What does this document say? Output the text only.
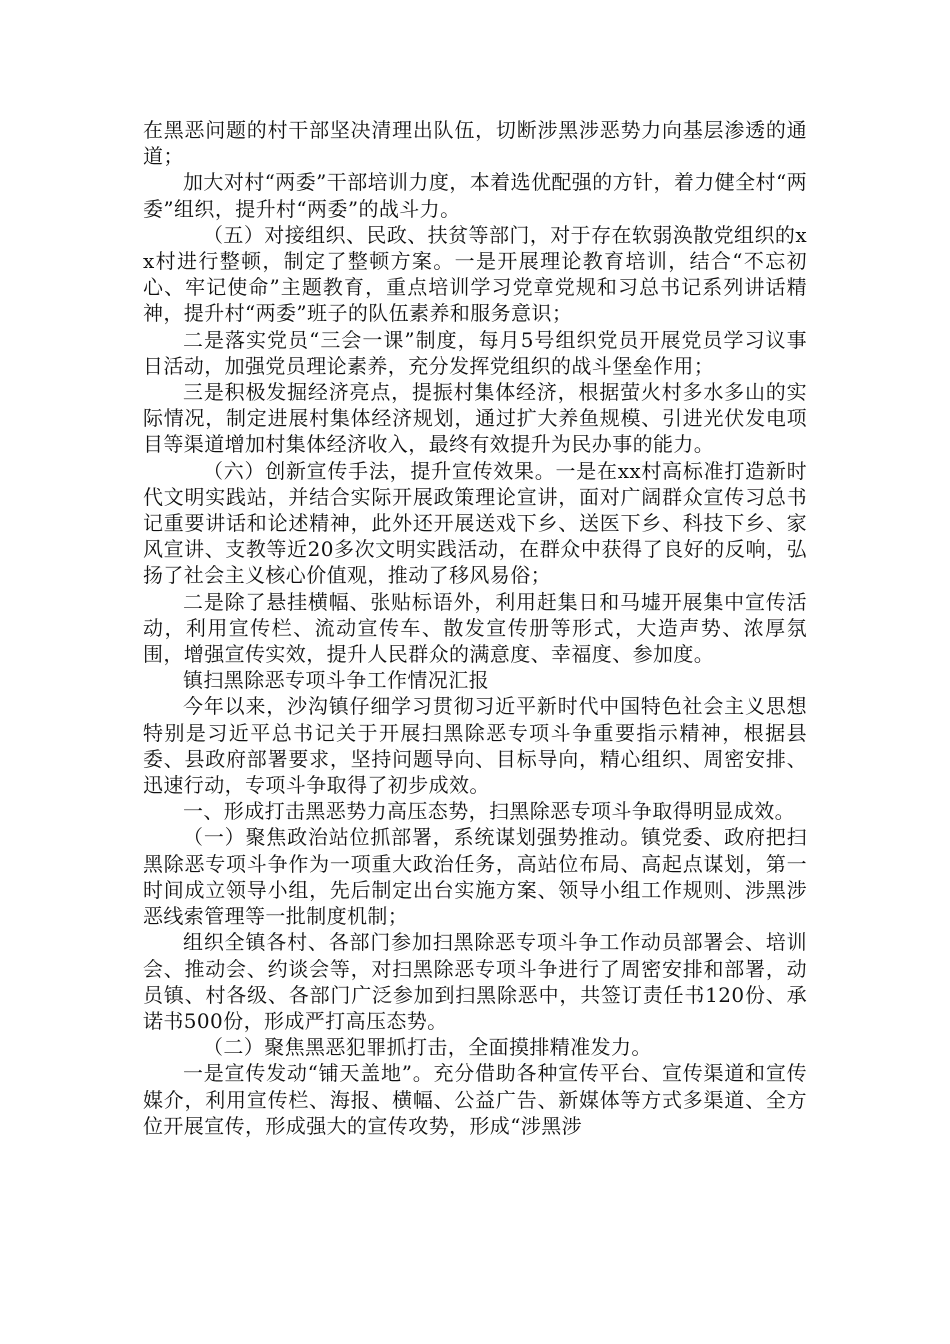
在黑恶问题的村干部坚决清理出队伍，切断涉黑涉恶势力向基层渗透的通道；

加大对村“两委”干部培训力度，本着选优配强的方针，着力健全村“两委”组织，提升村“两委”的战斗力。

（五）对接组织、民政、扶贫等部门，对于存在软弱涣散党组织的xx村进行整顿，制定了整顿方案。一是开展理论教育培训，结合“不忘初心、牢记使命”主题教育，重点培训学习党章党规和习总书记系列讲话精神，提升村“两委”班子的队伍素养和服务意识；

二是落实党员“三会一课”制度，每月5号组织党员开展党员学习议事日活动，加强党员理论素养，充分发挥党组织的战斗堡垒作用；

三是积极发掘经济亮点，提振村集体经济，根据萤火村多水多山的实际情况，制定进展村集体经济规划，通过扩大养鱼规模、引进光伏发电项目等渠道增加村集体经济收入，最终有效提升为民办事的能力。

（六）创新宣传手法，提升宣传效果。一是在xx村高标准打造新时代文明实践站，并结合实际开展政策理论宣讲，面对广阔群众宣传习总书记重要讲话和论述精神，此外还开展送戏下乡、送医下乡、科技下乡、家风宣讲、支教等近20多次文明实践活动，在群众中获得了良好的反响，弘扬了社会主义核心价值观，推动了移风易俗；

二是除了悬挂横幅、张贴标语外，利用赶集日和马墟开展集中宣传活动，利用宣传栏、流动宣传车、散发宣传册等形式，大造声势、浓厚氛围，增强宣传实效，提升人民群众的满意度、幸福度、参加度。

镇扫黑除恶专项斗争工作情况汇报

今年以来，沙沟镇仔细学习贯彻习近平新时代中国特色社会主义思想特别是习近平总书记关于开展扫黑除恶专项斗争重要指示精神，根据县委、县政府部署要求，坚持问题导向、目标导向，精心组织、周密安排、迅速行动，专项斗争取得了初步成效。

一、形成打击黑恶势力高压态势，扫黑除恶专项斗争取得明显成效。

（一）聚焦政治站位抓部署，系统谋划强势推动。镇党委、政府把扫黑除恶专项斗争作为一项重大政治任务，高站位布局、高起点谋划，第一时间成立领导小组，先后制定出台实施方案、领导小组工作规则、涉黑涉恶线索管理等一批制度机制；

组织全镇各村、各部门参加扫黑除恶专项斗争工作动员部署会、培训会、推动会、约谈会等，对扫黑除恶专项斗争进行了周密安排和部署，动员镇、村各级、各部门广泛参加到扫黑除恶中，共签订责任书120份、承诺书500份，形成严打高压态势。

（二）聚焦黑恶犯罪抓打击，全面摸排精准发力。

一是宣传发动“铺天盖地”。充分借助各种宣传平台、宣传渠道和宣传媒介，利用宣传栏、海报、横幅、公益广告、新媒体等方式多渠道、全方位开展宣传，形成强大的宣传攻势，形成“涉黑涉
